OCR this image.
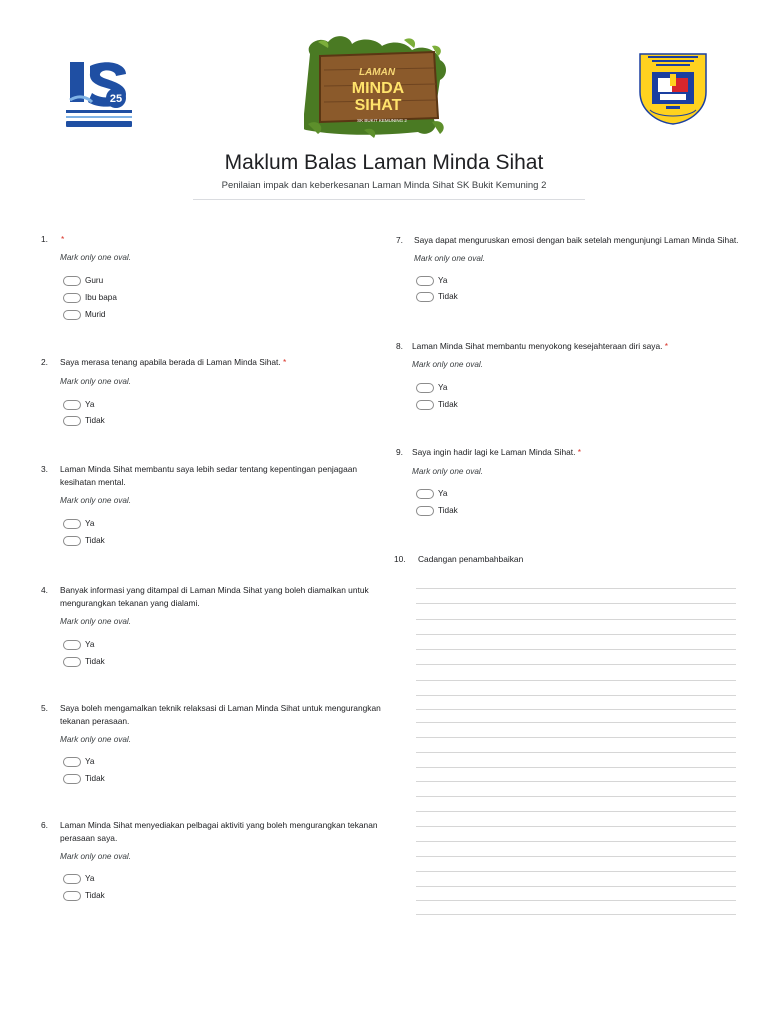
25
LAMAN
MINDA
SIHAT
SK BUKIT KEMUNING 2
Maklum Balas Laman Minda Sihat
Penilaian impak dan keberkesanan Laman Minda Sihat SK Bukit Kemuning 2
1. *
Mark only one oval.
Guru
Ibu bapa
Murid
2. Saya merasa tenang apabila berada di Laman Minda Sihat. *
Mark only one oval.
Ya
Tidak
3. Laman Minda Sihat membantu saya lebih sedar tentang kepentingan penjagaan
kesihatan mental.
Mark only one oval.
Ya
Tidak
4. Banyak informasi yang ditampal di Laman Minda Sihat yang boleh diamalkan untuk
mengurangkan tekanan yang dialami.
Mark only one oval.
Ya
Tidak
5. Saya boleh mengamalkan teknik relaksasi di Laman Minda Sihat untuk mengurangkan
tekanan perasaan.
Mark only one oval.
Ya
Tidak
6. Laman Minda Sihat menyediakan pelbagai aktiviti yang boleh mengurangkan tekanan
perasaan saya.
Mark only one oval.
Ya
Tidak
7. Saya dapat menguruskan emosi dengan baik setelah mengunjungi Laman Minda Sihat.
Mark only one oval.
Ya
Tidak
8. Laman Minda Sihat membantu menyokong kesejahteraan diri saya. *
Mark only one oval.
Ya
Tidak
9. Saya ingin hadir lagi ke Laman Minda Sihat. *
Mark only one oval.
Ya
Tidak
10. Cadangan penambahbaikan
